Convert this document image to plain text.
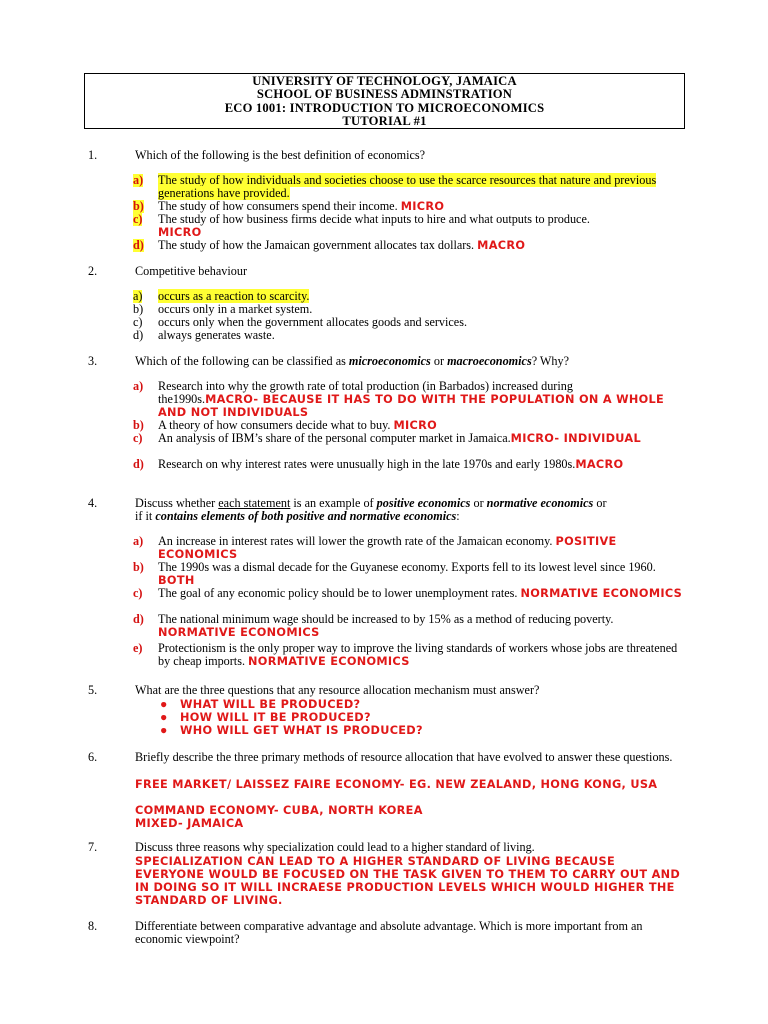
UNIVERSITY OF TECHNOLOGY, JAMAICA
SCHOOL OF BUSINESS ADMINSTRATION
ECO 1001: INTRODUCTION TO MICROECONOMICS
TUTORIAL #1
1.	Which of the following is the best definition of economics?
a) The study of how individuals and societies choose to use the scarce resources that nature and previous generations have provided.
b) The study of how consumers spend their income. MICRO
c) The study of how business firms decide what inputs to hire and what outputs to produce.
MICRO
d) The study of how the Jamaican government allocates tax dollars. MACRO
2.	Competitive behaviour
a) occurs as a reaction to scarcity.
b) occurs only in a market system.
c) occurs only when the government allocates goods and services.
d) always generates waste.
3.	Which of the following can be classified as microeconomics or macroeconomics? Why?
a) Research into why the growth rate of total production (in Barbados) increased during
the1990s.MACRO- BECAUSE IT HAS TO DO WITH THE POPULATION ON A WHOLE AND NOT INDIVIDUALS
b) A theory of how consumers decide what to buy. MICRO
c) An analysis of IBM’s share of the personal computer market in Jamaica.MICRO- INDIVIDUAL
d) Research on why interest rates were unusually high in the late 1970s and early 1980s.MACRO
4.	Discuss whether each statement is an example of positive economics or normative economics or
if it contains elements of both positive and normative economics:
a) An increase in interest rates will lower the growth rate of the Jamaican economy. POSITIVE ECONOMICS
b) The 1990s was a dismal decade for the Guyanese economy. Exports fell to its lowest level since 1960. BOTH
c) The goal of any economic policy should be to lower unemployment rates. NORMATIVE ECONOMICS
d) The national minimum wage should be increased to by 15% as a method of reducing poverty. NORMATIVE ECONOMICS
e) Protectionism is the only proper way to improve the living standards of workers whose jobs are threatened by cheap imports. NORMATIVE ECONOMICS
5.	What are the three questions that any resource allocation mechanism must answer?
● WHAT WILL BE PRODUCED?
● HOW WILL IT BE PRODUCED?
● WHO WILL GET WHAT IS PRODUCED?
6.	Briefly describe the three primary methods of resource allocation that have evolved to answer these questions.
FREE MARKET/ LAISSEZ FAIRE ECONOMY- EG. NEW ZEALAND, HONG KONG, USA
COMMAND ECONOMY- CUBA, NORTH KOREA
MIXED- JAMAICA
7.	Discuss three reasons why specialization could lead to a higher standard of living.
SPECIALIZATION CAN LEAD TO A HIGHER STANDARD OF LIVING BECAUSE EVERYONE WOULD BE FOCUSED ON THE TASK GIVEN TO THEM TO CARRY OUT AND IN DOING SO IT WILL INCRAESE PRODUCTION LEVELS WHICH WOULD HIGHER THE STANDARD OF LIVING.
8.	Differentiate between comparative advantage and absolute advantage. Which is more important from an economic viewpoint?
